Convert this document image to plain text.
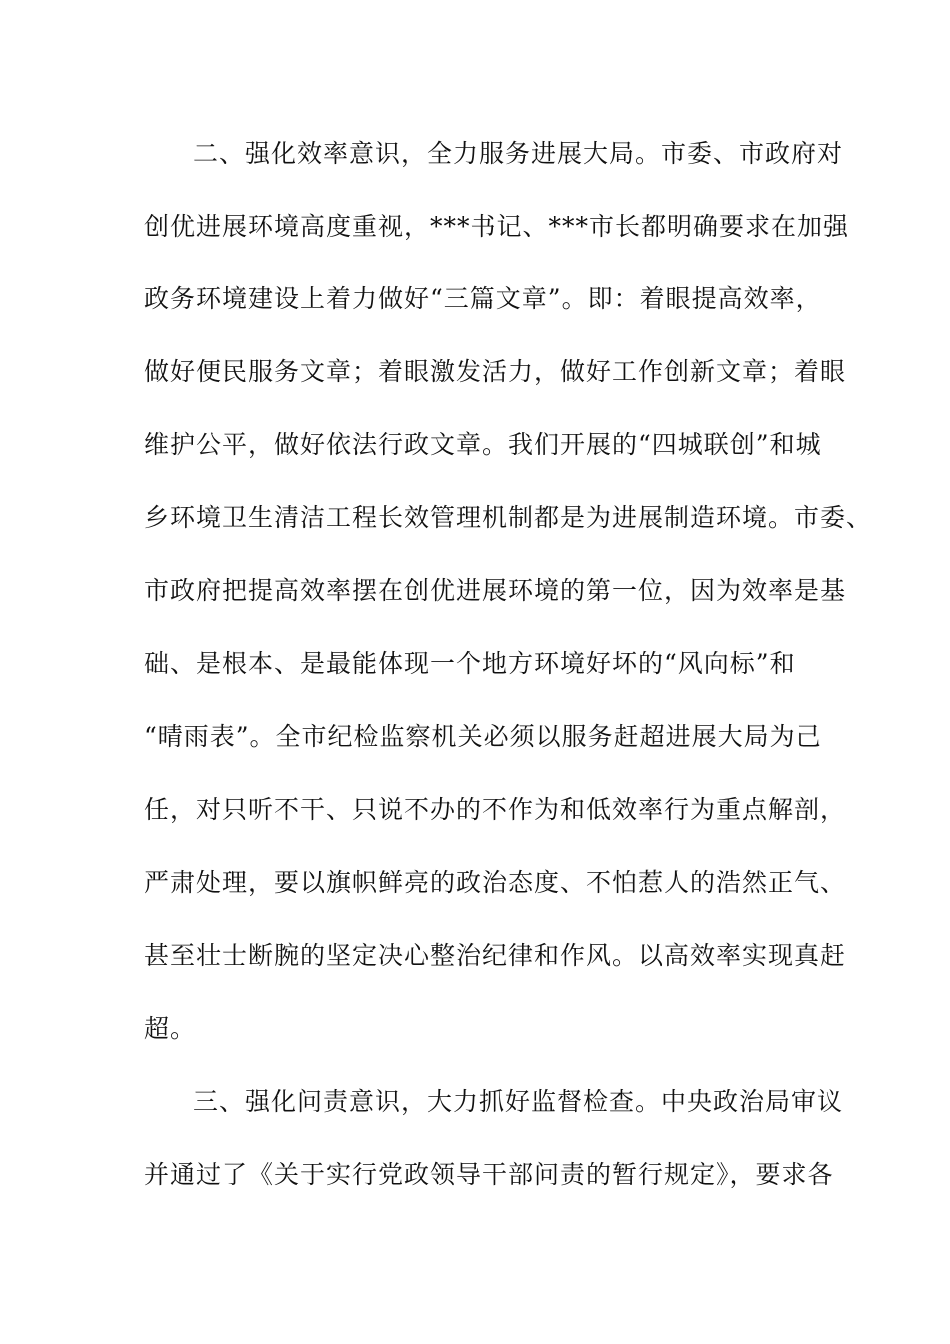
二、强化效率意识，全力服务进展大局。市委、市政府对
创优进展环境高度重视，***书记、***市长都明确要求在加强
政务环境建设上着力做好“三篇文章”。即：着眼提高效率，
做好便民服务文章；着眼激发活力，做好工作创新文章；着眼
维护公平，做好依法行政文章。我们开展的“四城联创”和城
乡环境卫生清洁工程长效管理机制都是为进展制造环境。市委、
市政府把提高效率摆在创优进展环境的第一位，因为效率是基
础、是根本、是最能体现一个地方环境好坏的“风向标”和
“晴雨表”。全市纪检监察机关必须以服务赶超进展大局为己
任，对只听不干、只说不办的不作为和低效率行为重点解剖，
严肃处理，要以旗帜鲜亮的政治态度、不怕惹人的浩然正气、
甚至壮士断腕的坚定决心整治纪律和作风。以高效率实现真赶
超。
三、强化问责意识，大力抓好监督检查。中央政治局审议
并通过了《关于实行党政领导干部问责的暂行规定》，要求各
